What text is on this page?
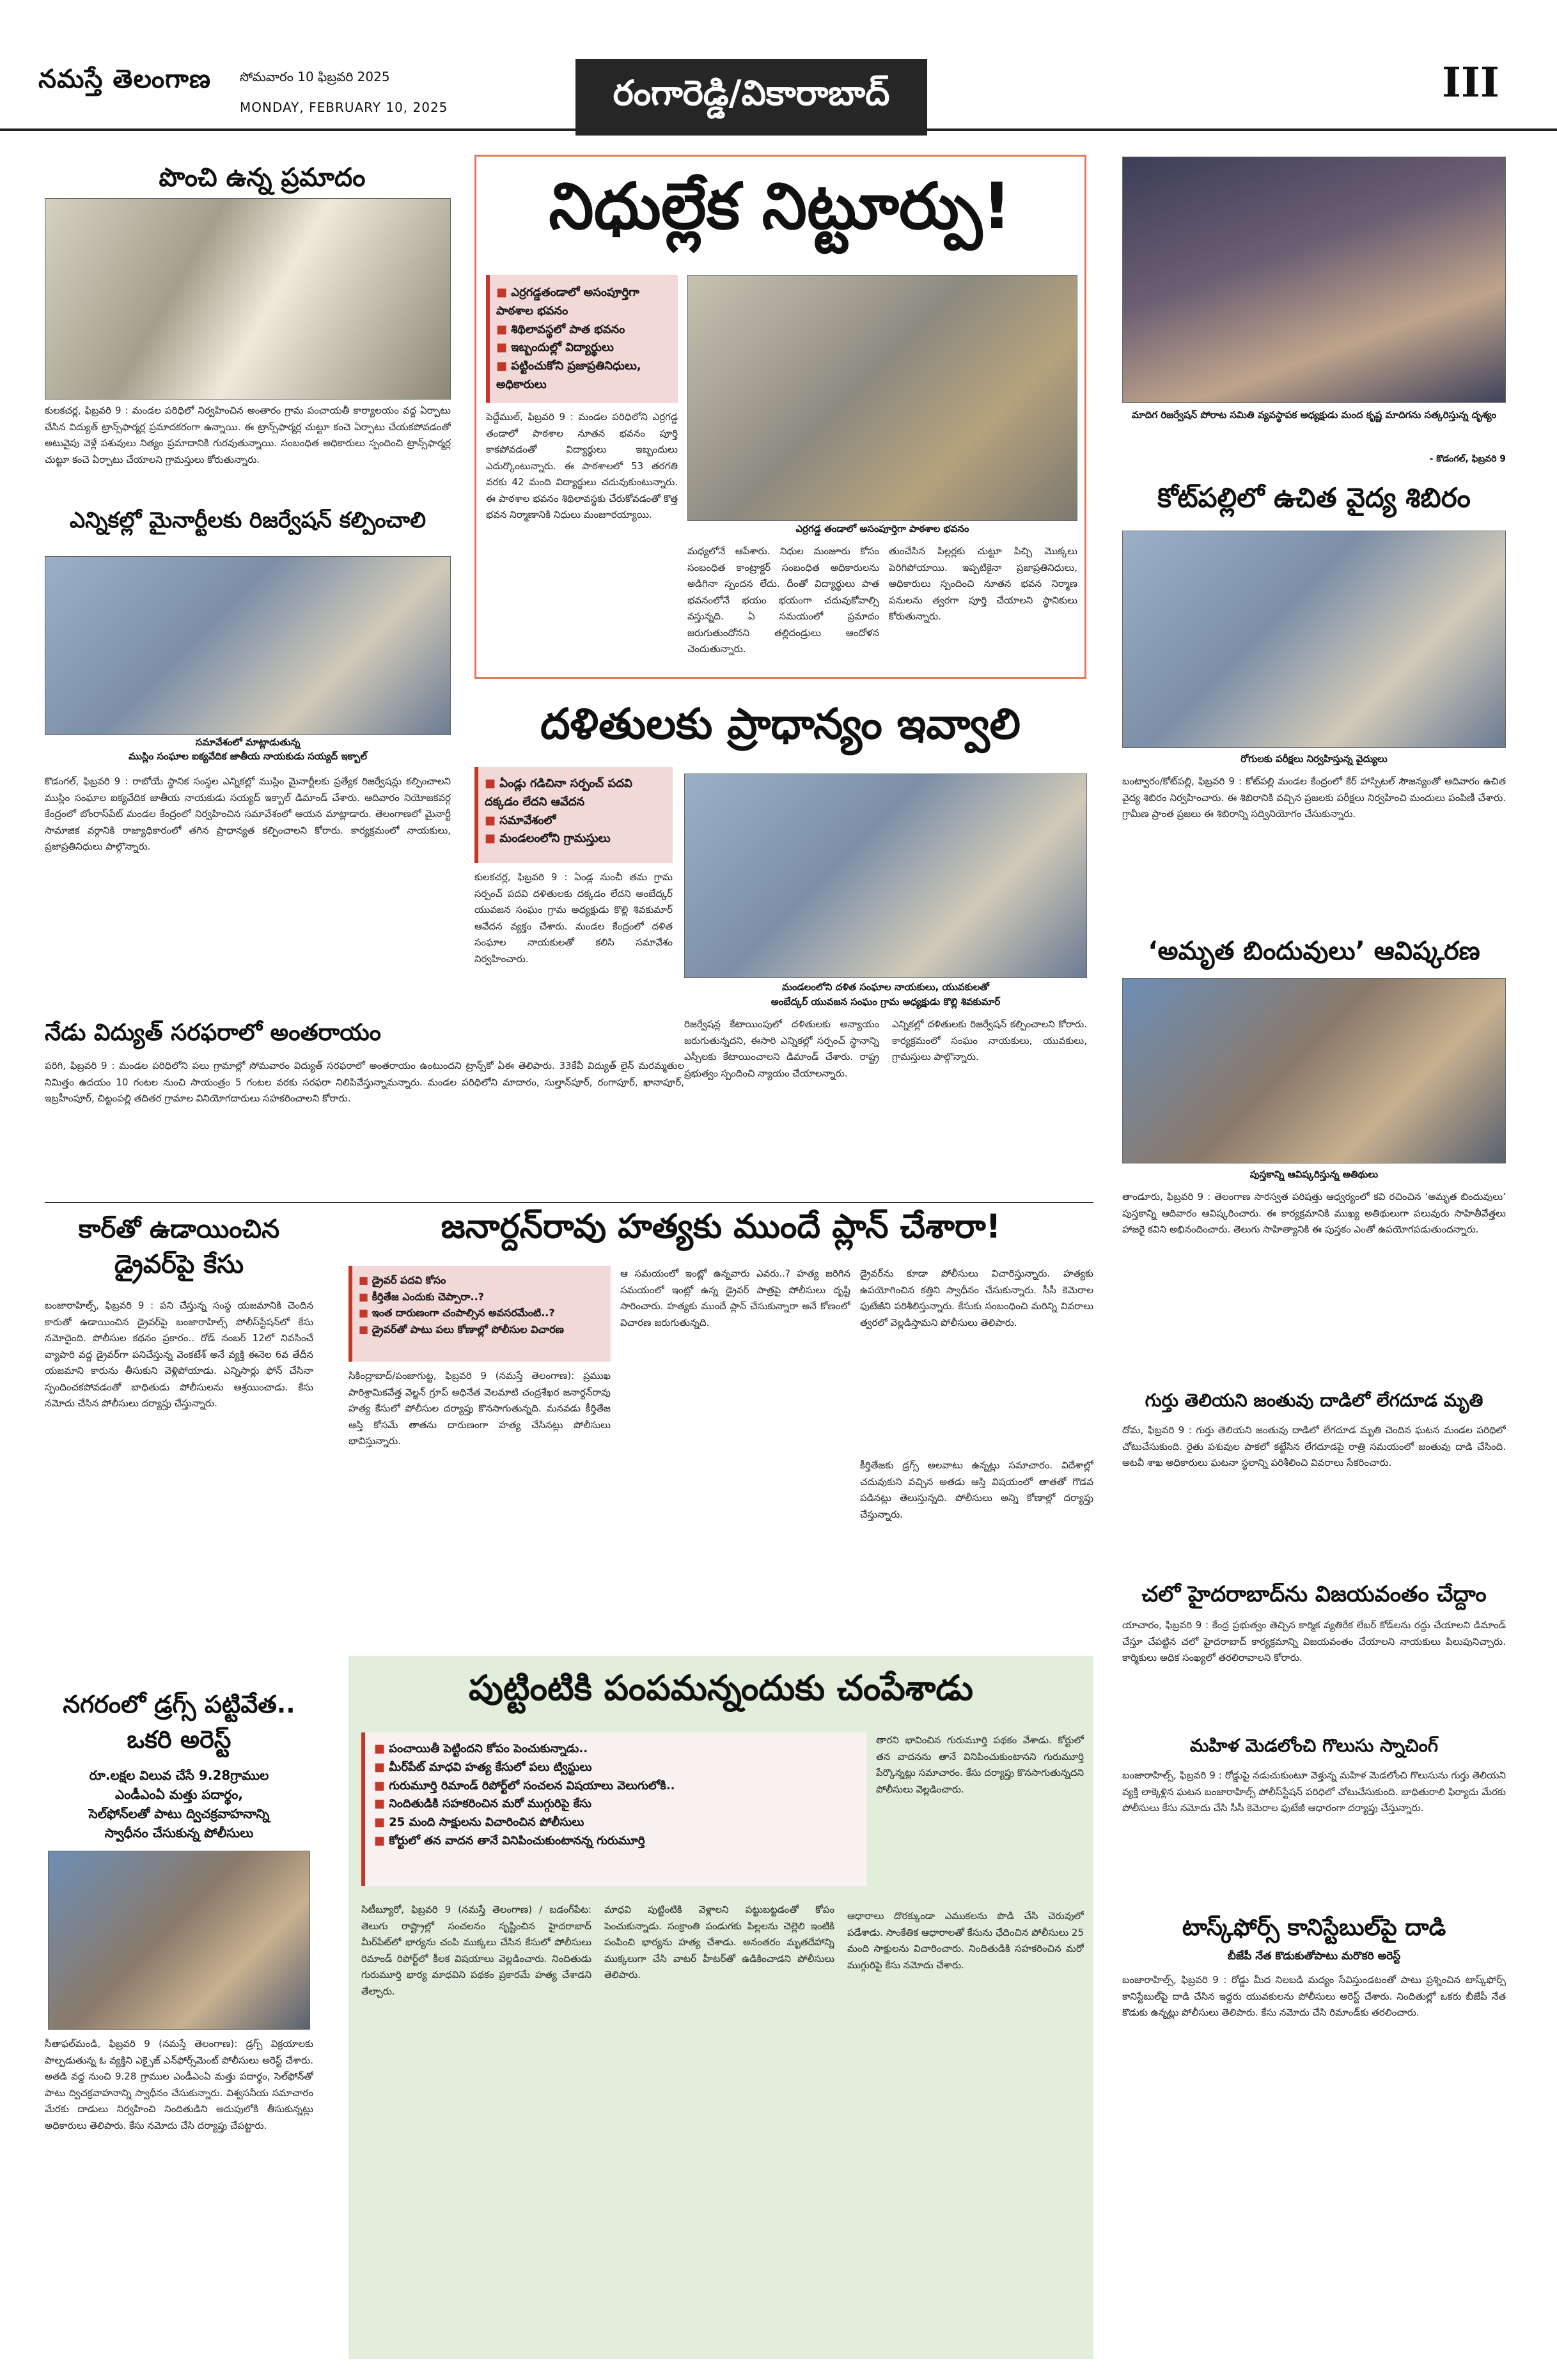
నమస్తే తెలంగాణ సోమవారం 10 ఫిబ్రవరి 2025
MONDAY, FEBRUARY 10, 2025	రంగారెడ్డి/వికారాబాద్	III
పొంచి ఉన్న ప్రమాదం
కులకచర్ల, ఫిబ్రవరి 9 : మండల పరిధిలో నిర్వహించిన అంతారం గ్రామ పంచాయతీ కార్యాలయం వద్ద ఏర్పాటు చేసిన విద్యుత్ ట్రాన్స్‌ఫార్మర్ల ప్రమాదకరంగా ఉన్నాయి. ఈ ట్రాన్స్‌ఫార్మర్ల చుట్టూ కంచె ఏర్పాటు చేయకపోవడంతో అటువైపు వెళ్లే పశువులు నిత్యం ప్రమాదానికి గురవుతున్నాయి. సంబంధిత అధికారులు స్పందించి ట్రాన్స్‌ఫార్మర్ల చుట్టూ కంచె ఏర్పాటు చేయాలని గ్రామస్తులు కోరుతున్నారు.
ఎన్నికల్లో మైనార్టీలకు రిజర్వేషన్ కల్పించాలి
సమావేశంలో మాట్లాడుతున్న
ముస్లిం సంఘాల ఐక్యవేదిక జాతీయ నాయకుడు సయ్యద్ ఇక్బాల్
కొడంగల్, ఫిబ్రవరి 9 : రాబోయే స్థానిక సంస్థల ఎన్నికల్లో ముస్లిం మైనార్టీలకు ప్రత్యేక రిజర్వేషన్లు కల్పించాలని ముస్లిం సంఘాల ఐక్యవేదిక జాతీయ నాయకుడు సయ్యద్ ఇక్బాల్ డిమాండ్ చేశారు. ఆదివారం నియోజకవర్గ కేంద్రంలో బోంరాస్‌పేట్ మండల కేంద్రంలో నిర్వహించిన సమావేశంలో ఆయన మాట్లాడారు. తెలంగాణలో మైనార్టీ సామాజిక వర్గానికి రాజ్యాధికారంలో తగిన ప్రాధాన్యత కల్పించాలని కోరారు. కార్యక్రమంలో నాయకులు, ప్రజాప్రతినిధులు పాల్గొన్నారు.
నేడు విద్యుత్ సరఫరాలో అంతరాయం
పరిగి, ఫిబ్రవరి 9 : మండల పరిధిలోని పలు గ్రామాల్లో సోమవారం విద్యుత్ సరఫరాలో అంతరాయం ఉంటుందని ట్రాన్స్‌కో ఏఈ తెలిపారు. 33కేవీ విద్యుత్ లైన్ మరమ్మతుల నిమిత్తం ఉదయం 10 గంటల నుంచి సాయంత్రం 5 గంటల వరకు సరఫరా నిలిపివేస్తున్నామన్నారు. మండల పరిధిలోని మాదారం, సుల్తాన్‌పూర్, రంగాపూర్, ఖానాపూర్, ఇబ్రహీంపూర్, చిట్టంపల్లి తదితర గ్రామాల వినియోగదారులు సహకరించాలని కోరారు.
కార్‌తో ఉడాయించిన
డ్రైవర్‌పై కేసు
బంజారాహిల్స్, ఫిబ్రవరి 9 : పని చేస్తున్న సంస్థ యజమానికి చెందిన కారుతో ఉడాయించిన డ్రైవర్‌పై బంజారాహిల్స్ పోలీస్‌స్టేషన్‌లో కేసు నమోదైంది. పోలీసుల కథనం ప్రకారం.. రోడ్ నంబర్ 12లో నివసించే వ్యాపారి వద్ద డ్రైవర్‌గా పనిచేస్తున్న వెంకటేశ్ అనే వ్యక్తి ఈనెల 6వ తేదీన యజమాని కారును తీసుకుని వెళ్లిపోయాడు. ఎన్నిసార్లు ఫోన్ చేసినా స్పందించకపోవడంతో బాధితుడు పోలీసులను ఆశ్రయించాడు. కేసు నమోదు చేసిన పోలీసులు దర్యాప్తు చేస్తున్నారు.
నగరంలో డ్రగ్స్ పట్టివేత..
ఒకరి అరెస్ట్
రూ.లక్షల విలువ చేసే 9.28గ్రాముల
ఎండీఎంఏ మత్తు పదార్థం,
సెల్‌ఫోన్‌లతో పాటు ద్విచక్రవాహనాన్ని
స్వాధీనం చేసుకున్న పోలీసులు
సీతాఫల్‌మండి, ఫిబ్రవరి 9 (నమస్తే తెలంగాణ): డ్రగ్స్ విక్రయాలకు పాల్పడుతున్న ఓ వ్యక్తిని ఎక్సైజ్ ఎన్‌ఫోర్స్‌మెంట్ పోలీసులు అరెస్ట్ చేశారు. అతడి వద్ద నుంచి 9.28 గ్రాముల ఎండీఎంఏ మత్తు పదార్థం, సెల్‌ఫోన్‌తో పాటు ద్విచక్రవాహనాన్ని స్వాధీనం చేసుకున్నారు. విశ్వసనీయ సమాచారం మేరకు దాడులు నిర్వహించి నిందితుడిని అదుపులోకి తీసుకున్నట్లు అధికారులు తెలిపారు. కేసు నమోదు చేసి దర్యాప్తు చేపట్టారు.
నిధుల్లేక నిట్టూర్పు!
■ ఎర్రగడ్డతండాలో అసంపూర్తిగా పాఠశాల భవనం
■ శిథిలావస్థలో పాత భవనం
■ ఇబ్బందుల్లో విద్యార్థులు
■ పట్టించుకోని ప్రజాప్రతినిధులు, అధికారులు
ఎర్రగడ్డ తండాలో అసంపూర్తిగా పాఠశాల భవనం
పెద్దేముల్, ఫిబ్రవరి 9 : మండల పరిధిలోని ఎర్రగడ్డ తండాలో పాఠశాల నూతన భవనం పూర్తి కాకపోవడంతో విద్యార్థులు ఇబ్బందులు ఎదుర్కొంటున్నారు. ఈ పాఠశాలలో 53 తరగతి వరకు 42 మంది విద్యార్థులు చదువుకుంటున్నారు. ఈ పాఠశాల భవనం శిథిలావస్థకు చేరుకోవడంతో కొత్త భవన నిర్మాణానికి నిధులు మంజూరయ్యాయి.
మధ్యలోనే ఆపేశారు. నిధుల మంజూరు కోసం సంబంధిత కాంట్రాక్టర్ సంబంధిత అధికారులను అడిగినా స్పందన లేదు. దీంతో విద్యార్థులు పాత భవనంలోనే భయం భయంగా చదువుకోవాల్సి వస్తున్నది. ఏ సమయంలో ప్రమాదం జరుగుతుందోనని తల్లిదండ్రులు ఆందోళన చెందుతున్నారు.
తుంచేసిన పిల్లర్లకు చుట్టూ పిచ్చి మొక్కలు పెరిగిపోయాయి. ఇప్పటికైనా ప్రజాప్రతినిధులు, అధికారులు స్పందించి నూతన భవన నిర్మాణ పనులను త్వరగా పూర్తి చేయాలని స్థానికులు కోరుతున్నారు.
దళితులకు ప్రాధాన్యం ఇవ్వాలి
■ ఏండ్లు గడిచినా సర్పంచ్ పదవి దక్కడం లేదని ఆవేదన
■ సమావేశంలో
■ మండలంలోని గ్రామస్తులు
మండలంలోని దళిత సంఘాల నాయకులు, యువకులతో
అంబేద్కర్ యువజన సంఘం గ్రామ అధ్యక్షుడు కొల్లి శివకుమార్
కులకచర్ల, ఫిబ్రవరి 9 : ఏండ్ల నుంచీ తమ గ్రామ సర్పంచ్ పదవి దళితులకు దక్కడం లేదని అంబేద్కర్ యువజన సంఘం గ్రామ అధ్యక్షుడు కొల్లి శివకుమార్ ఆవేదన వ్యక్తం చేశారు. మండల కేంద్రంలో దళిత సంఘాల నాయకులతో కలిసి సమావేశం నిర్వహించారు.
రిజర్వేషన్ల కేటాయింపులో దళితులకు అన్యాయం జరుగుతున్నదని, ఈసారి ఎన్నికల్లో సర్పంచ్ స్థానాన్ని ఎస్సీలకు కేటాయించాలని డిమాండ్ చేశారు. రాష్ట్ర ప్రభుత్వం స్పందించి న్యాయం చేయాలన్నారు.
ఎన్నికల్లో దళితులకు రిజర్వేషన్ కల్పించాలని కోరారు. కార్యక్రమంలో సంఘం నాయకులు, యువకులు, గ్రామస్తులు పాల్గొన్నారు.
జనార్దన్‌రావు హత్యకు ముందే ప్లాన్ చేశారా!
■ డ్రైవర్ పదవి కోసం
■ కీర్తితేజ ఎందుకు చెప్పారా..?
■ ఇంత దారుణంగా చంపాల్సిన అవసరమేంటి..?
■ డ్రైవర్‌తో పాటు పలు కోణాల్లో పోలీసుల విచారణ
సికింద్రాబాద్/పంజాగుట్ట, ఫిబ్రవరి 9 (నమస్తే తెలంగాణ): ప్రముఖ పారిశ్రామికవేత్త వెల్జన్ గ్రూప్ అధినేత వెలమాటి చంద్రశేఖర జనార్దన్‌రావు హత్య కేసులో పోలీసుల దర్యాప్తు కొనసాగుతున్నది. మనవడు కీర్తితేజ ఆస్తి కోసమే తాతను దారుణంగా హత్య చేసినట్లు పోలీసులు భావిస్తున్నారు.
ఆ సమయంలో ఇంట్లో ఉన్నవారు ఎవరు..? హత్య జరిగిన సమయంలో ఇంట్లో ఉన్న డ్రైవర్ పాత్రపై పోలీసులు దృష్టి సారించారు. హత్యకు ముందే ప్లాన్ చేసుకున్నారా అనే కోణంలో విచారణ జరుగుతున్నది.
డ్రైవర్‌ను కూడా పోలీసులు విచారిస్తున్నారు. హత్యకు ఉపయోగించిన కత్తిని స్వాధీనం చేసుకున్నారు. సీసీ కెమెరాల ఫుటేజీని పరిశీలిస్తున్నారు. కేసుకు సంబంధించి మరిన్ని వివరాలు త్వరలో వెల్లడిస్తామని పోలీసులు తెలిపారు.
కీర్తితేజకు డ్రగ్స్ అలవాటు ఉన్నట్లు సమాచారం. విదేశాల్లో చదువుకుని వచ్చిన అతడు ఆస్తి విషయంలో తాతతో గొడవ పడినట్లు తెలుస్తున్నది. పోలీసులు అన్ని కోణాల్లో దర్యాప్తు చేస్తున్నారు.
పుట్టింటికి పంపమన్నందుకు చంపేశాడు
■ పంచాయితీ పెట్టిందని కోపం పెంచుకున్నాడు..
■ మీర్‌పేట్ మాధవి హత్య కేసులో పలు ట్విస్టులు
■ గురుమూర్తి రిమాండ్ రిపోర్ట్‌లో సంచలన విషయాలు వెలుగులోకి..
■ నిందితుడికి సహకరించిన మరో ముగ్గురిపై కేసు
■ 25 మంది సాక్షులను విచారించిన పోలీసులు
■ కోర్టులో తన వాదన తానే వినిపించుకుంటానన్న గురుమూర్తి
తారని భావించిన గురుమూర్తి పథకం వేశాడు. కోర్టులో తన వాదనను తానే వినిపించుకుంటానని గురుమూర్తి పేర్కొన్నట్లు సమాచారం. కేసు దర్యాప్తు కొనసాగుతున్నదని పోలీసులు వెల్లడించారు.
సిటీబ్యూరో, ఫిబ్రవరి 9 (నమస్తే తెలంగాణ) / బడంగ్‌పేట: తెలుగు రాష్ట్రాల్లో సంచలనం సృష్టించిన హైదరాబాద్ మీర్‌పేట్‌లో భార్యను చంపి ముక్కలు చేసిన కేసులో పోలీసులు రిమాండ్ రిపోర్ట్‌లో కీలక విషయాలు వెల్లడించారు. నిందితుడు గురుమూర్తి భార్య మాధవిని పథకం ప్రకారమే హత్య చేశాడని తేల్చారు.
మాధవి పుట్టింటికి వెళ్లాలని పట్టుబట్టడంతో కోపం పెంచుకున్నాడు. సంక్రాంతి పండుగకు పిల్లలను చెల్లెలి ఇంటికి పంపించి భార్యను హత్య చేశాడు. అనంతరం మృతదేహాన్ని ముక్కలుగా చేసి వాటర్ హీటర్‌తో ఉడికించాడని పోలీసులు తెలిపారు.
ఆధారాలు దొరక్కుండా ఎముకలను పొడి చేసి చెరువులో పడేశాడు. సాంకేతిక ఆధారాలతో కేసును ఛేదించిన పోలీసులు 25 మంది సాక్షులను విచారించారు. నిందితుడికి సహకరించిన మరో ముగ్గురిపై కేసు నమోదు చేశారు.
మాదిగ రిజర్వేషన్ పోరాట సమితి వ్యవస్థాపక అధ్యక్షుడు మంద కృష్ణ మాదిగను సత్కరిస్తున్న దృశ్యం
- కొడంగల్, ఫిబ్రవరి 9
కోట్‌పల్లిలో ఉచిత వైద్య శిబిరం
రోగులకు పరీక్షలు నిర్వహిస్తున్న వైద్యులు
బంట్వారం/కోట్‌పల్లి, ఫిబ్రవరి 9 : కోట్‌పల్లి మండల కేంద్రంలో కేర్ హాస్పిటల్ సౌజన్యంతో ఆదివారం ఉచిత వైద్య శిబిరం నిర్వహించారు. ఈ శిబిరానికి వచ్చిన ప్రజలకు పరీక్షలు నిర్వహించి మందులు పంపిణీ చేశారు. గ్రామీణ ప్రాంత ప్రజలు ఈ శిబిరాన్ని సద్వినియోగం చేసుకున్నారు.
‘అమృత బిందువులు’ ఆవిష్కరణ
పుస్తకాన్ని ఆవిష్కరిస్తున్న అతిథులు
తాండూరు, ఫిబ్రవరి 9 : తెలంగాణ సారస్వత పరిషత్తు ఆధ్వర్యంలో కవి రచించిన ‘అమృత బిందువులు’ పుస్తకాన్ని ఆదివారం ఆవిష్కరించారు. ఈ కార్యక్రమానికి ముఖ్య అతిథులుగా పలువురు సాహితీవేత్తలు హాజరై కవిని అభినందించారు. తెలుగు సాహిత్యానికి ఈ పుస్తకం ఎంతో ఉపయోగపడుతుందన్నారు.
గుర్తు తెలియని జంతువు దాడిలో లేగదూడ మృతి
దోమ, ఫిబ్రవరి 9 : గుర్తు తెలియని జంతువు దాడిలో లేగదూడ మృతి చెందిన ఘటన మండల పరిధిలో చోటుచేసుకుంది. రైతు పశువుల పాకలో కట్టేసిన లేగదూడపై రాత్రి సమయంలో జంతువు దాడి చేసింది. అటవీ శాఖ అధికారులు ఘటనా స్థలాన్ని పరిశీలించి వివరాలు సేకరించారు.
చలో హైదరాబాద్‌ను విజయవంతం చేద్దాం
యాచారం, ఫిబ్రవరి 9 : కేంద్ర ప్రభుత్వం తెచ్చిన కార్మిక వ్యతిరేక లేబర్ కోడ్‌లను రద్దు చేయాలని డిమాండ్ చేస్తూ చేపట్టిన చలో హైదరాబాద్ కార్యక్రమాన్ని విజయవంతం చేయాలని నాయకులు పిలుపునిచ్చారు. కార్మికులు అధిక సంఖ్యలో తరలిరావాలని కోరారు.
మహిళ మెడలోంచి గొలుసు స్నాచింగ్
బంజారాహిల్స్, ఫిబ్రవరి 9 : రోడ్డుపై నడుచుకుంటూ వెళ్తున్న మహిళ మెడలోంచి గొలుసును గుర్తు తెలియని వ్యక్తి లాక్కెళ్లిన ఘటన బంజారాహిల్స్ పోలీస్‌స్టేషన్ పరిధిలో చోటుచేసుకుంది. బాధితురాలి ఫిర్యాదు మేరకు పోలీసులు కేసు నమోదు చేసి సీసీ కెమెరాల ఫుటేజీ ఆధారంగా దర్యాప్తు చేస్తున్నారు.
టాస్క్‌ఫోర్స్ కానిస్టేబుల్‌పై దాడి
బీజేపీ నేత కొడుకుతోపాటు మరొకరి అరెస్ట్
బంజారాహిల్స్, ఫిబ్రవరి 9 : రోడ్డు మీద నిలబడి మద్యం సేవిస్తుండటంతో పాటు ప్రశ్నించిన టాస్క్‌ఫోర్స్ కానిస్టేబుల్‌పై దాడి చేసిన ఇద్దరు యువకులను పోలీసులు అరెస్ట్ చేశారు. నిందితుల్లో ఒకరు బీజేపీ నేత కొడుకు ఉన్నట్లు పోలీసులు తెలిపారు. కేసు నమోదు చేసి రిమాండ్‌కు తరలించారు.
